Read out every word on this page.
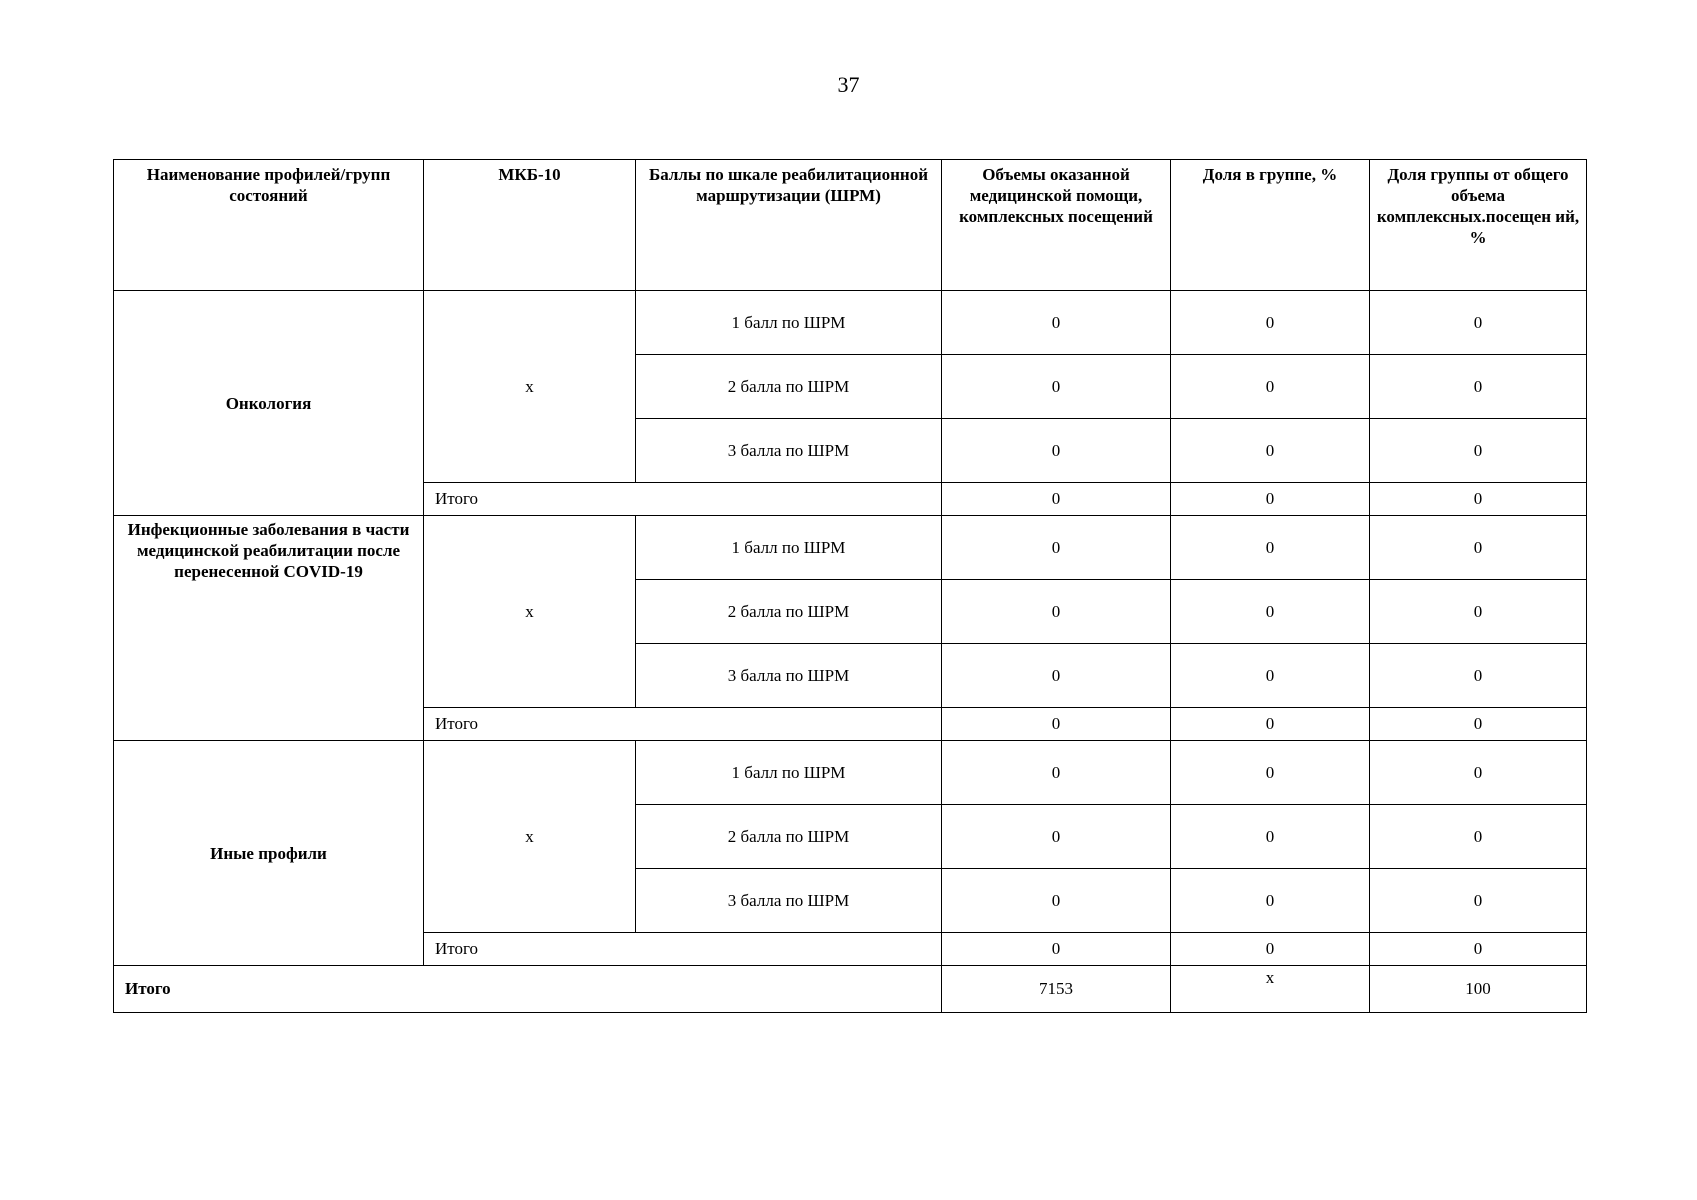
37
Наименование профилей/групп состояний	МКБ-10	Баллы по шкале реабилитационной маршрутизации (ШРМ)	Объемы оказанной медицинской помощи, комплексных посещений	Доля в группе, %	Доля группы от общего объема комплексных.посещен ий, %
Онкология	x	1 балл по ШРМ	0	0	0
		2 балла по ШРМ	0	0	0
		3 балла по ШРМ	0	0	0
	Итого		0	0	0
Инфекционные заболевания в части медицинской реабилитации после перенесенной COVID-19	x	1 балл по ШРМ	0	0	0
		2 балла по ШРМ	0	0	0
		3 балла по ШРМ	0	0	0
	Итого		0	0	0
Иные профили	x	1 балл по ШРМ	0	0	0
		2 балла по ШРМ	0	0	0
		3 балла по ШРМ	0	0	0
	Итого		0	0	0
Итого			7153	x	100
